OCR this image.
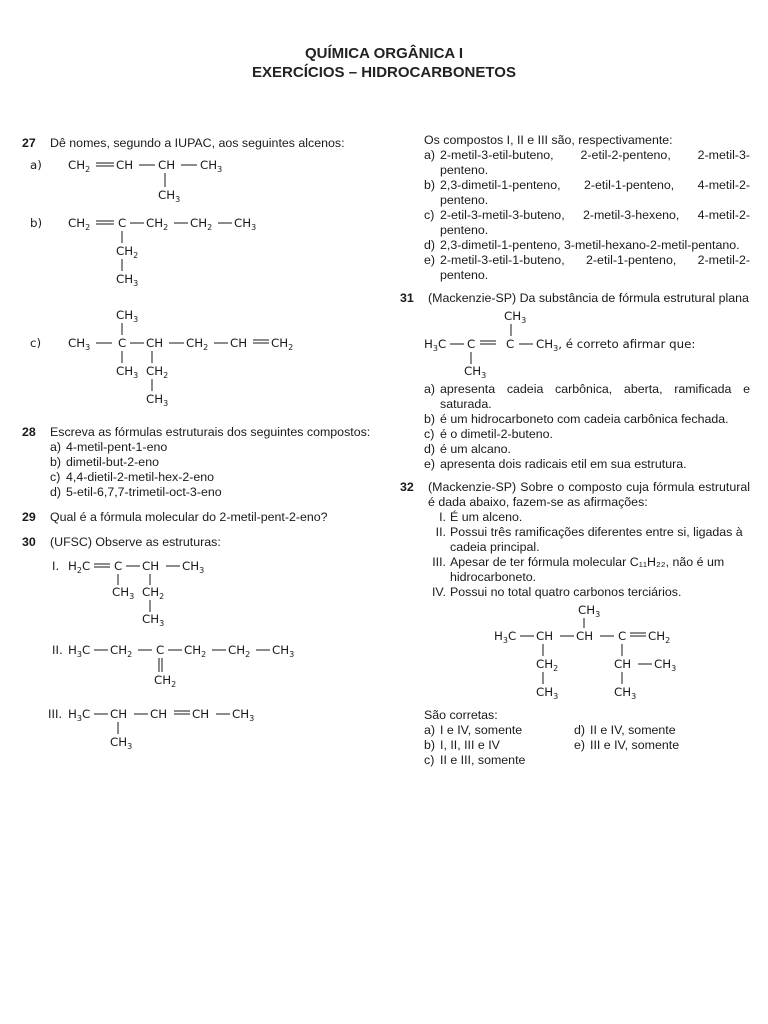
QUÍMICA ORGÂNICA I
EXERCÍCIOS – HIDROCARBONETOS
27 Dê nomes, segundo a IUPAC, aos seguintes alcenos:
a) $CH_2$ CH CH $CH_3$
$CH_3$
b) $CH_2$ C $CH_2$ $CH_2$ $CH_3$
$CH_2$
$CH_3$
$CH_3$
c) $CH_3$ C CH $CH_2$ CH $CH_2$
$CH_3$ $CH_2$
$CH_3$
28 Escreva as fórmulas estruturais dos seguintes compostos:
a) 4-metil-pent-1-eno
b) dimetil-but-2-eno
c) 4,4-dietil-2-metil-hex-2-eno
d) 5-etil-6,7,7-trimetil-oct-3-eno
29 Qual é a fórmula molecular do 2-metil-pent-2-eno?
30 (UFSC) Observe as estruturas:
I. $H_2C$ C CH $CH_3$
$CH_3$ $CH_2$
$CH_3$
II. $H_3C$ $CH_2$ C $CH_2$ $CH_2$ $CH_3$
$CH_2$
III. $H_3C$ CH CH CH $CH_3$
$CH_3$
Os compostos I, II e III são, respectivamente:
a) 2-metil-3-etil-buteno, 2-etil-2-penteno, 2-metil-3-penteno.
b) 2,3-dimetil-1-penteno, 2-etil-1-penteno, 4-metil-2-penteno.
c) 2-etil-3-metil-3-buteno, 2-metil-3-hexeno, 4-metil-2-penteno.
d) 2,3-dimetil-1-penteno, 3-metil-hexano-2-metil-pentano.
e) 2-metil-3-etil-1-buteno, 2-etil-1-penteno, 2-metil-2-penteno.
31 (Mackenzie-SP) Da substância de fórmula estrutural plana
$CH_3$
$H_3C$ C	C $CH_3$, é correto afirmar que:
$CH_3$
a) apresenta cadeia carbônica, aberta, ramificada e saturada.
b) é um hidrocarboneto com cadeia carbônica fechada.
c) é o dimetil-2-buteno.
d) é um alcano.
e) apresenta dois radicais etil em sua estrutura.
32 (Mackenzie-SP) Sobre o composto cuja fórmula estrutural é dada abaixo, fazem-se as afirmações:
I. É um alceno.
II. Possui três ramificações diferentes entre si, ligadas à cadeia principal.
III. Apesar de ter fórmula molecular C₁₁H₂₂, não é um hidrocarboneto.
IV. Possui no total quatro carbonos terciários.
$CH_3$
$H_3C$ CH CH C $CH_2$
$CH_2$	CH $CH_3$
$CH_3$	$CH_3$
São corretas:
a) I e IV, somente	d) II e IV, somente
b) I, II, III e IV	e) III e IV, somente
c) II e III, somente
